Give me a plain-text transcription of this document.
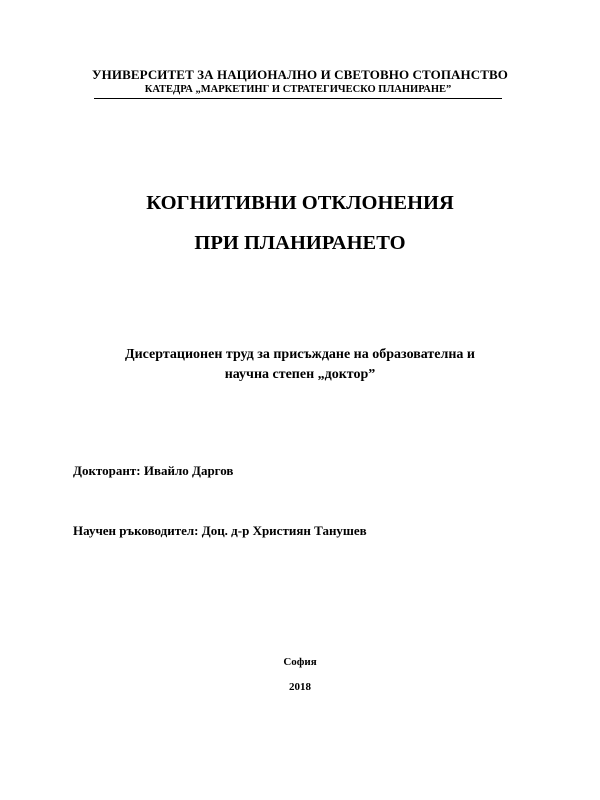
УНИВЕРСИТЕТ ЗА НАЦИОНАЛНО И СВЕТОВНО СТОПАНСТВО
КАТЕДРА „МАРКЕТИНГ И СТРАТЕГИЧЕСКО ПЛАНИРАНЕ”
КОГНИТИВНИ ОТКЛОНЕНИЯ
ПРИ ПЛАНИРАНЕТО
Дисертационен труд за присъждане на образователна и
научна степен „доктор”
Докторант: Ивайло Даргов
Научен ръководител: Доц. д-р Християн Танушев
София
2018
